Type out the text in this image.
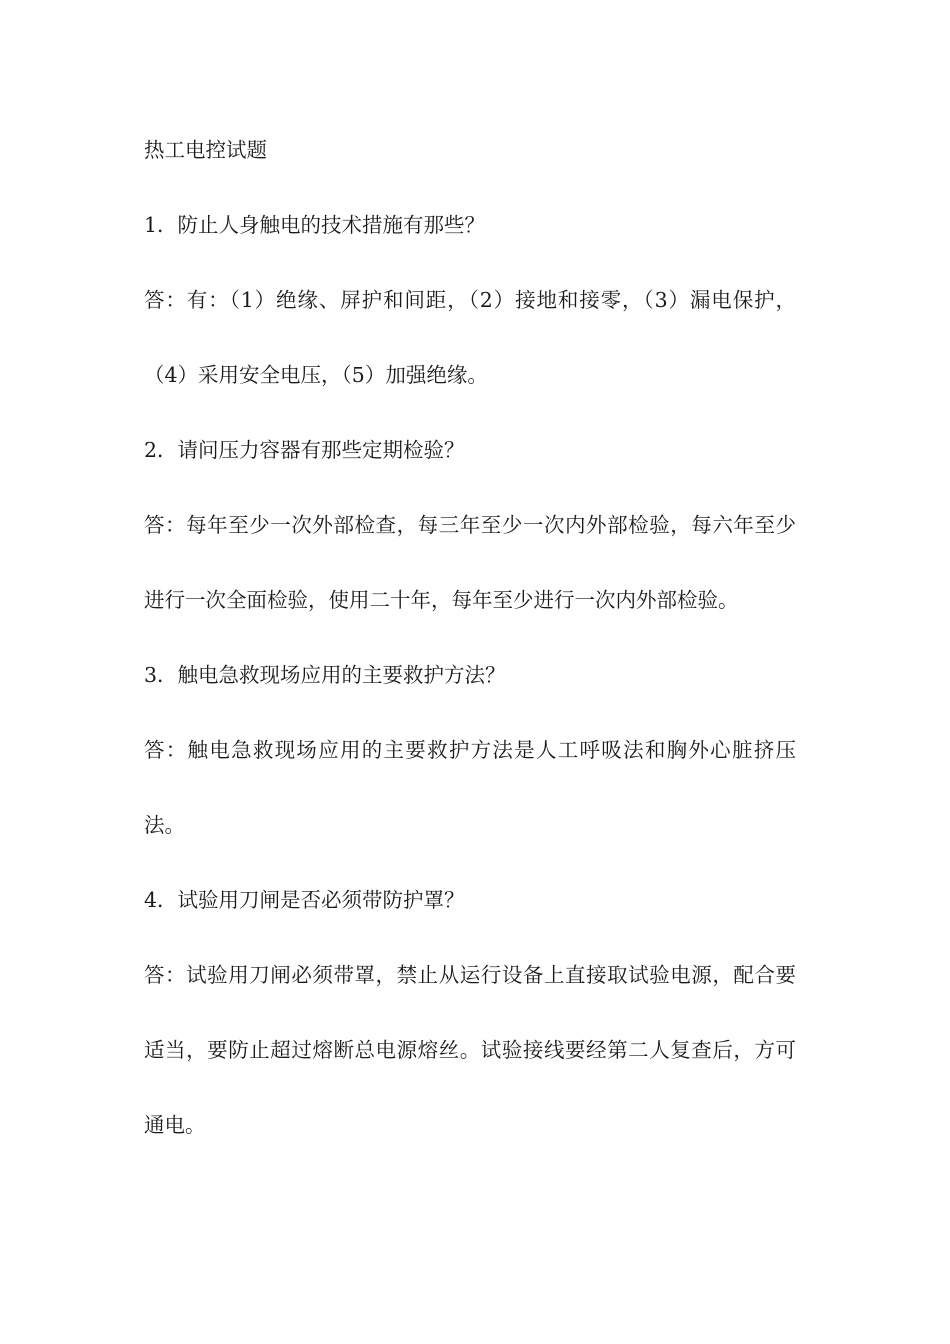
热工电控试题

1．防止人身触电的技术措施有那些？

答：有：（1）绝缘、屏护和间距，（2）接地和接零，（3）漏电保护，（4）采用安全电压，（5）加强绝缘。

2．请问压力容器有那些定期检验？

答：每年至少一次外部检查，每三年至少一次内外部检验，每六年至少进行一次全面检验，使用二十年，每年至少进行一次内外部检验。

3．触电急救现场应用的主要救护方法？

答：触电急救现场应用的主要救护方法是人工呼吸法和胸外心脏挤压法。

4．试验用刀闸是否必须带防护罩？

答：试验用刀闸必须带罩，禁止从运行设备上直接取试验电源，配合要适当，要防止超过熔断总电源熔丝。试验接线要经第二人复查后，方可通电。
